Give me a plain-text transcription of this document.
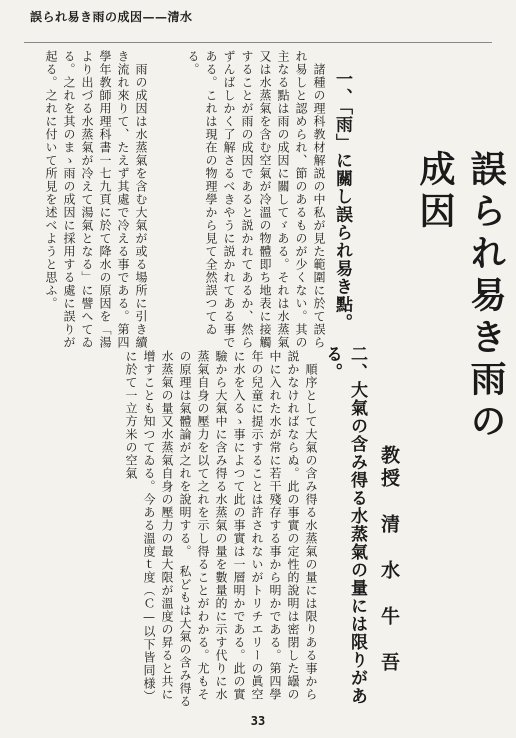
誤られ易き雨の成因——清水
誤られ易き雨の成因
教授　清　水　牛　吾
一、「雨」に關し誤られ易き點。
　諸種の理科教材解説の中私が見た範圍に於て誤られ易しと認められ、節のあるものが少くない。其の主なる點は雨の成因に關してゞある。それは水蒸氣又は水蒸氣を含む空氣が冷溫の物體即ち地表に接觸することが雨の成因であると説かれてあるか、然らずんばしかく了解さるべきやうに説かれてある事である。これは現在の物理學から見て全然誤つてゐる。
　雨の成因は水蒸氣を含む大氣が或る場所に引き續き流れ來りて、たえず其處で冷える事である。第四學年教師用理科書一七九頁に於て降水の原因を「湯より出づる水蒸氣が冷えて湯氣となる」に譬へてゐる。之れを其のまゝ雨の成因に採用する處に誤りが起る。之れに付いて所見を述べようと思ふ。
二、大氣の含み得る水蒸氣の量には限りがある。
　順序として大氣の含み得る水蒸氣の量には限りある事から説かなければならぬ。此の事實の定性的說明は密閉した罎の中に入れた水が常に若干殘存する事から明かである。第四學年の兒童に提示することは許されないがトリチエリーの眞空に水を入るゝ事によつて此の事實は一層明かである。此の實驗から大氣中に含み得る水蒸氣の量を數量的に示す代りに水蒸氣自身の壓力を以て之れを示し得ることがわかる。尤もその原理は氣體論が之れを說明する。　私どもは大氣の含み得る水蒸氣の量又水蒸氣自身の壓力の最大限が溫度の昇ると共に增すことも知つてゐる。今ある溫度ｔ度（Ｃ—以下皆同様）に於て一立方米の空氣
33
